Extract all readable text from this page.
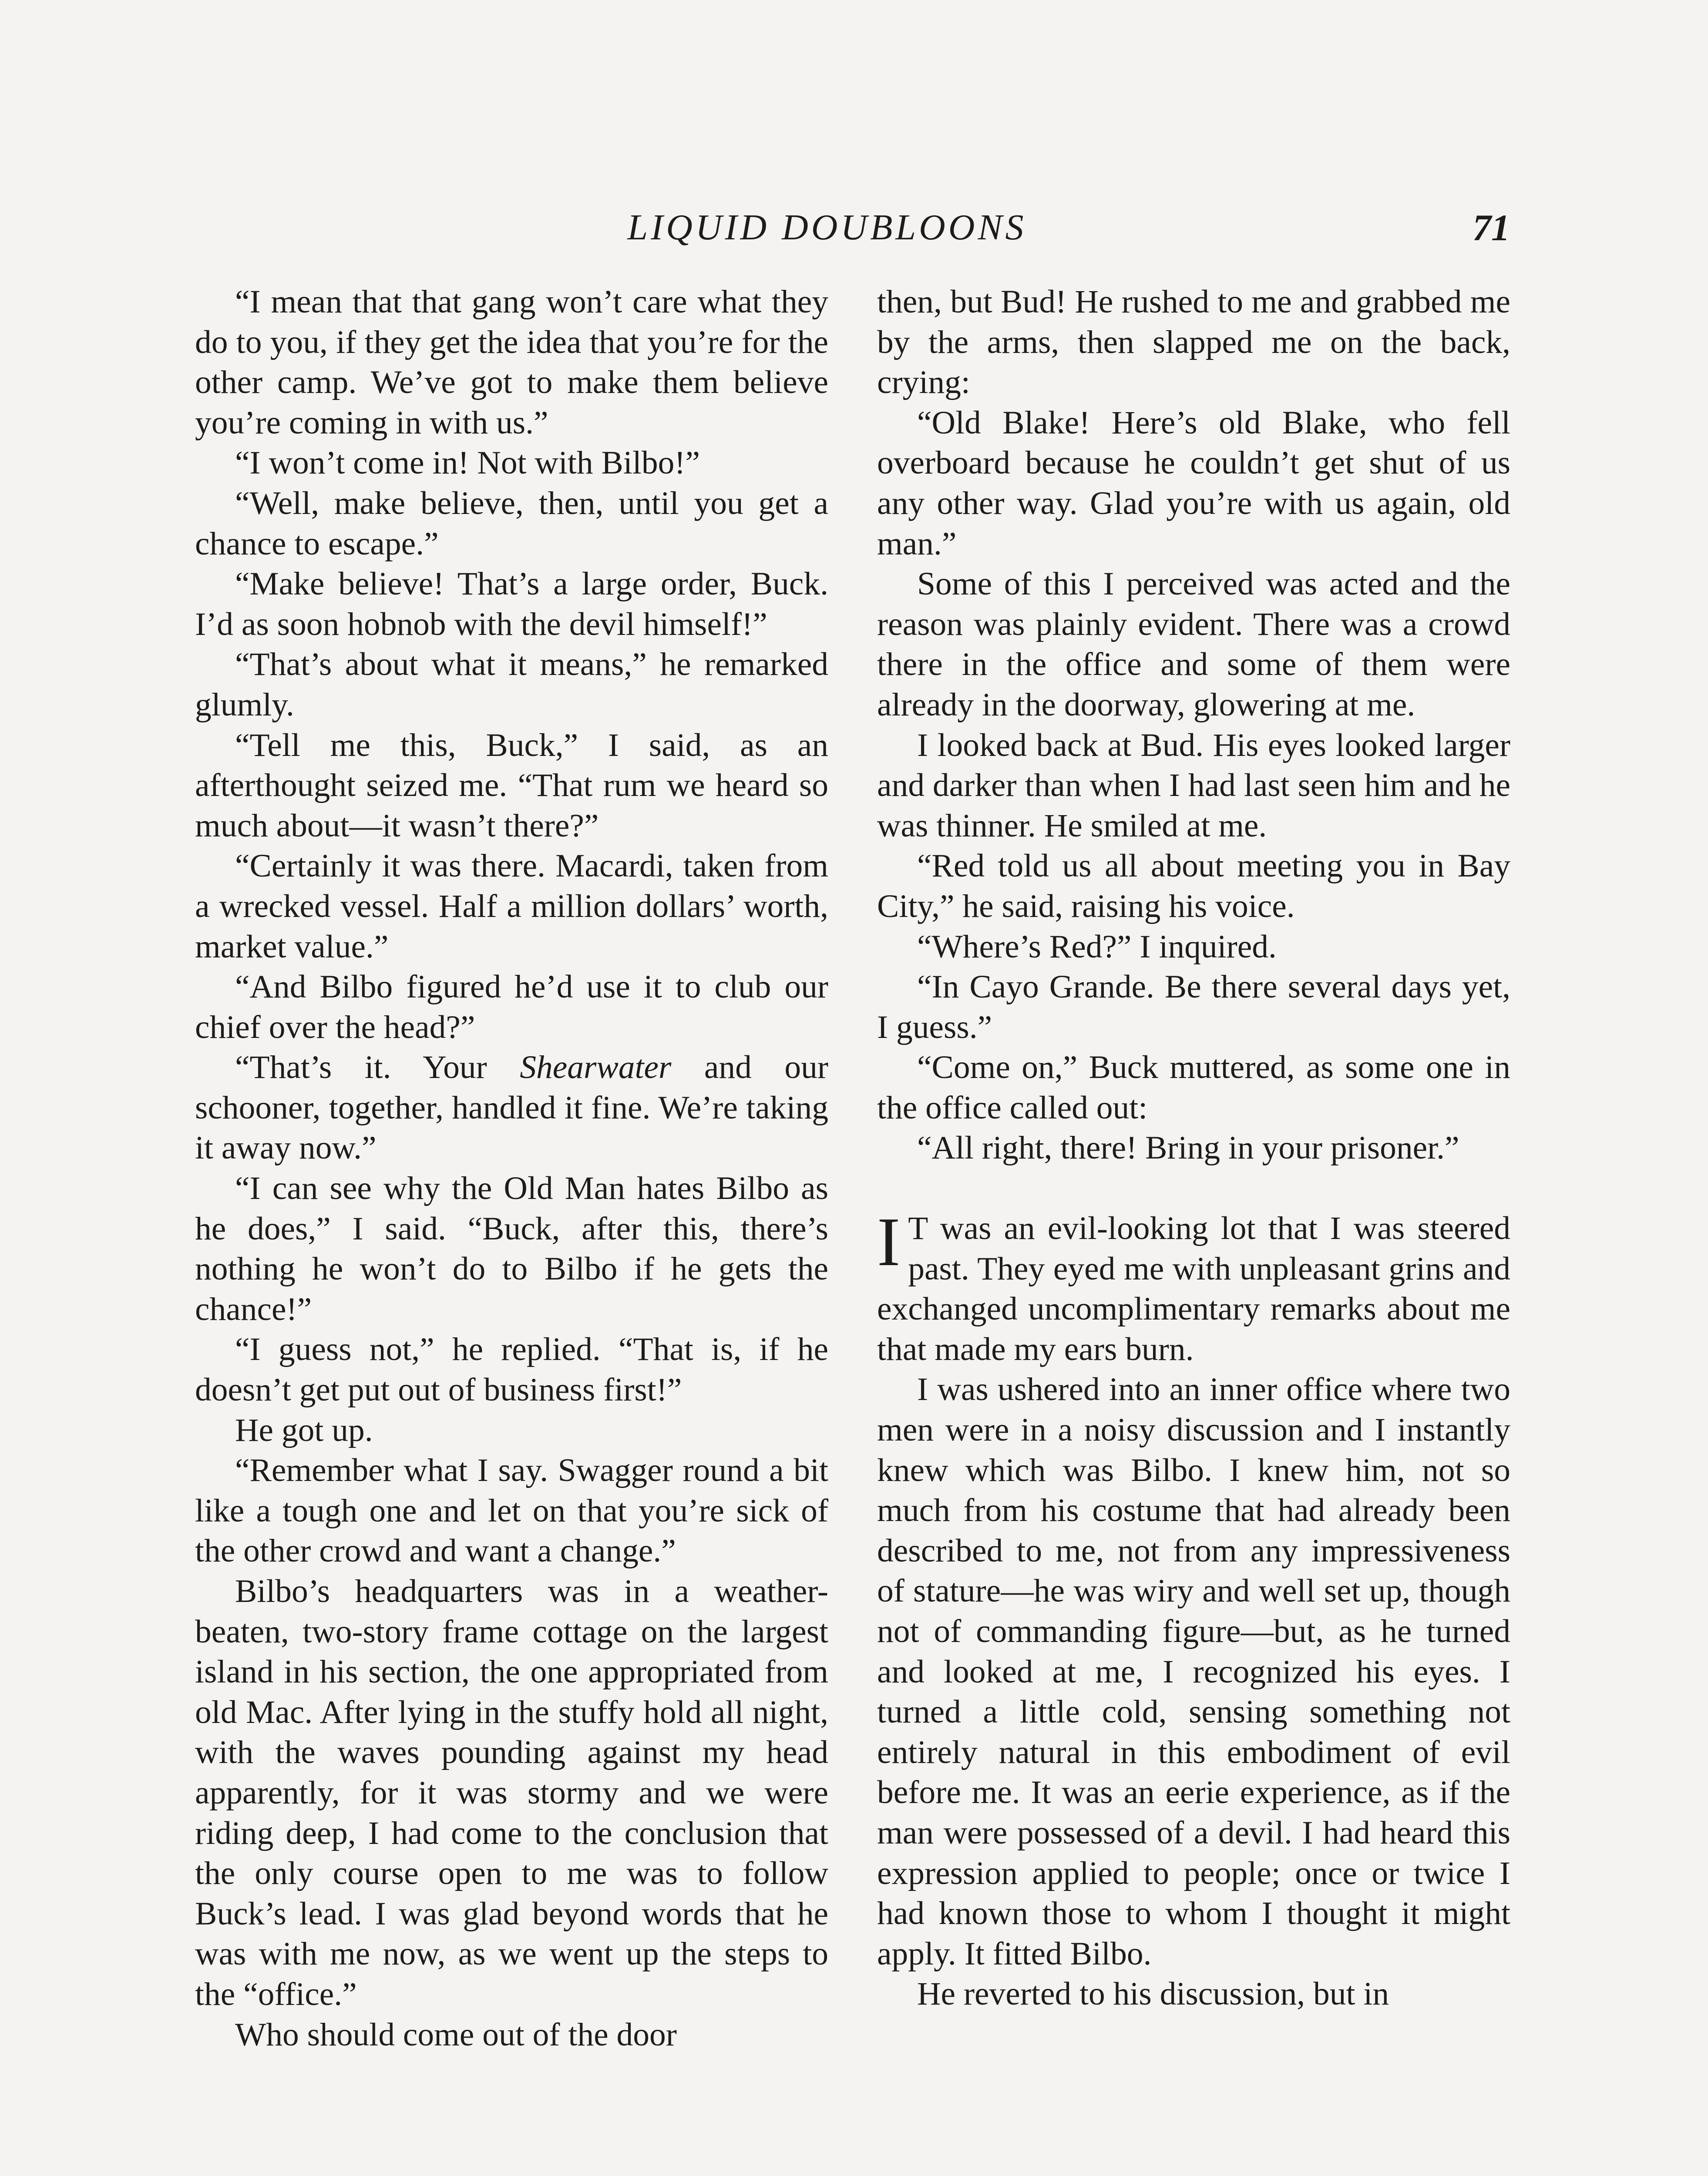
LIQUID DOUBLOONS	71

“I mean that that gang won’t care what they do to you, if they get the idea that you’re for the other camp. We’ve got to make them believe you’re coming in with us.”

“I won’t come in! Not with Bilbo!”

“Well, make believe, then, until you get a chance to escape.”

“Make believe! That’s a large order, Buck. I’d as soon hobnob with the devil himself!”

“That’s about what it means,” he remarked glumly.

“Tell me this, Buck,” I said, as an afterthought seized me. “That rum we heard so much about—it wasn’t there?”

“Certainly it was there. Macardi, taken from a wrecked vessel. Half a million dollars’ worth, market value.”

“And Bilbo figured he’d use it to club our chief over the head?”

“That’s it. Your Shearwater and our schooner, together, handled it fine. We’re taking it away now.”

“I can see why the Old Man hates Bilbo as he does,” I said. “Buck, after this, there’s nothing he won’t do to Bilbo if he gets the chance!”

“I guess not,” he replied. “That is, if he doesn’t get put out of business first!”

He got up.

“Remember what I say. Swagger round a bit like a tough one and let on that you’re sick of the other crowd and want a change.”

Bilbo’s headquarters was in a weather-beaten, two-story frame cottage on the largest island in his section, the one appropriated from old Mac. After lying in the stuffy hold all night, with the waves pounding against my head apparently, for it was stormy and we were riding deep, I had come to the conclusion that the only course open to me was to follow Buck’s lead. I was glad beyond words that he was with me now, as we went up the steps to the “office.”

Who should come out of the door

then, but Bud! He rushed to me and grabbed me by the arms, then slapped me on the back, crying:

“Old Blake! Here’s old Blake, who fell overboard because he couldn’t get shut of us any other way. Glad you’re with us again, old man.”

Some of this I perceived was acted and the reason was plainly evident. There was a crowd there in the office and some of them were already in the doorway, glowering at me.

I looked back at Bud. His eyes looked larger and darker than when I had last seen him and he was thinner. He smiled at me.

“Red told us all about meeting you in Bay City,” he said, raising his voice.

“Where’s Red?” I inquired.

“In Cayo Grande. Be there several days yet, I guess.”

“Come on,” Buck muttered, as some one in the office called out:

“All right, there! Bring in your prisoner.”

I T was an evil-looking lot that I was steered past. They eyed me with unpleasant grins and exchanged uncomplimentary remarks about me that made my ears burn.

I was ushered into an inner office where two men were in a noisy discussion and I instantly knew which was Bilbo. I knew him, not so much from his costume that had already been described to me, not from any impressiveness of stature—he was wiry and well set up, though not of commanding figure—but, as he turned and looked at me, I recognized his eyes. I turned a little cold, sensing something not entirely natural in this embodiment of evil before me. It was an eerie experience, as if the man were possessed of a devil. I had heard this expression applied to people; once or twice I had known those to whom I thought it might apply. It fitted Bilbo.

He reverted to his discussion, but in
